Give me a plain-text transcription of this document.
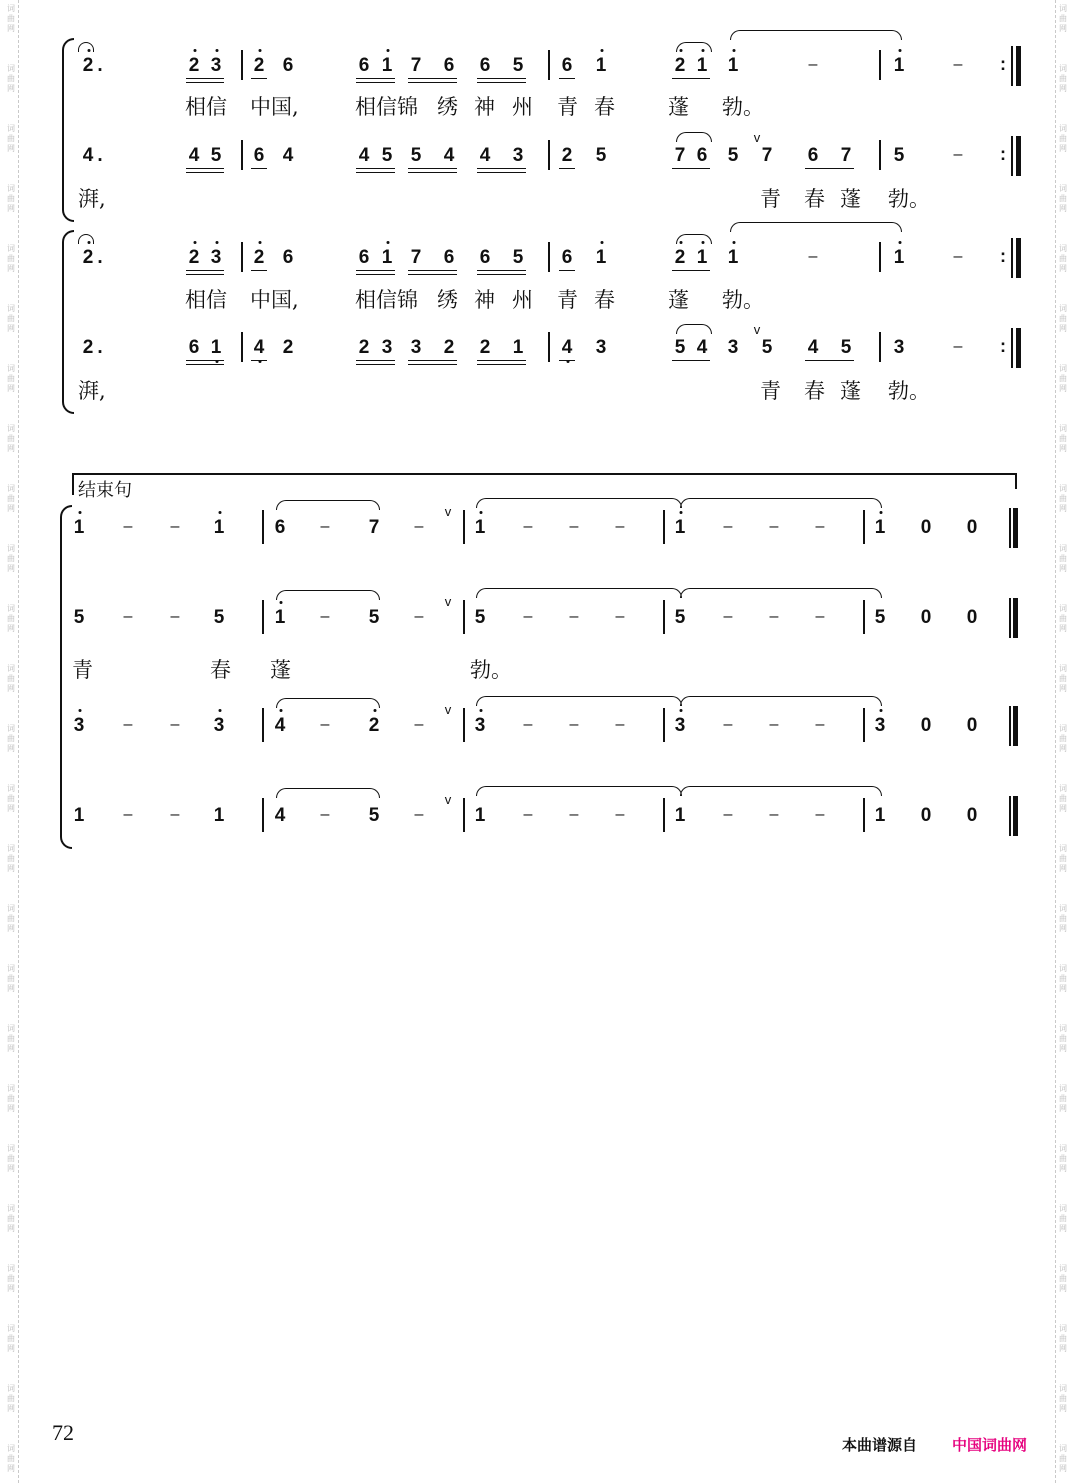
词
曲
网
词
曲
网
词
曲
网
词
曲
网
词
曲
网
词
曲
网
词
曲
网
词
曲
网
词
曲
网
词
曲
网
词
曲
网
词
曲
网
词
曲
网
词
曲
网
词
曲
网
词
曲
网
词
曲
网
词
曲
网
词
曲
网
词
曲
网
词
曲
网
词
曲
网
词
曲
网
词
曲
网
词
曲
网
词
曲
网
词
曲
网
词
曲
网
词
曲
网
词
曲
网
词
曲
网
词
曲
网
词
曲
网
词
曲
网
词
曲
网
词
曲
网
词
曲
网
词
曲
网
词
曲
网
词
曲
网
词
曲
网
词
曲
网
词
曲
网
词
曲
网
词
曲
网
词
曲
网
词
曲
网
词
曲
网
词
曲
网
词
曲
网
结束句
2 .	2 3 2 6	6 1 7 6 6 5 6 1	2 1 1	–	1	– :
4 .	4 5 6 4	4 5 5 4 4 3 2 5	7 6 5
v
6 7 5	– :
7
2 .	2 3 2 6	6 1 7 6 6 5 6 1	2 1 1	–	1	– :
2 .	6 1 4 2	2 3 3 2 2 1 4 3	5 4 3
v
4 5 3	– :
5
相信 中国,	相信锦 绣 神 州 青 春	蓬 勃。
湃,	青 春 蓬 勃。
相信 中国,	相信锦 绣 神 州 青 春	蓬 勃。
湃,	青 春 蓬 勃。
1 – – 1	6 – 7 –	1 – – –	1 – – –	1 0 0
v
5 – – 5	1 – 5 –	5 – – –	5 – – –	5 0 0
v
3 – – 3	4 – 2 –	3 – – –	3 – – –	3 0 0
v
1 – – 1	4 – 5 –	1 – – –	1 – – –	1 0 0
v
青	春 蓬	勃。
72	本曲谱源自 中国词曲网
